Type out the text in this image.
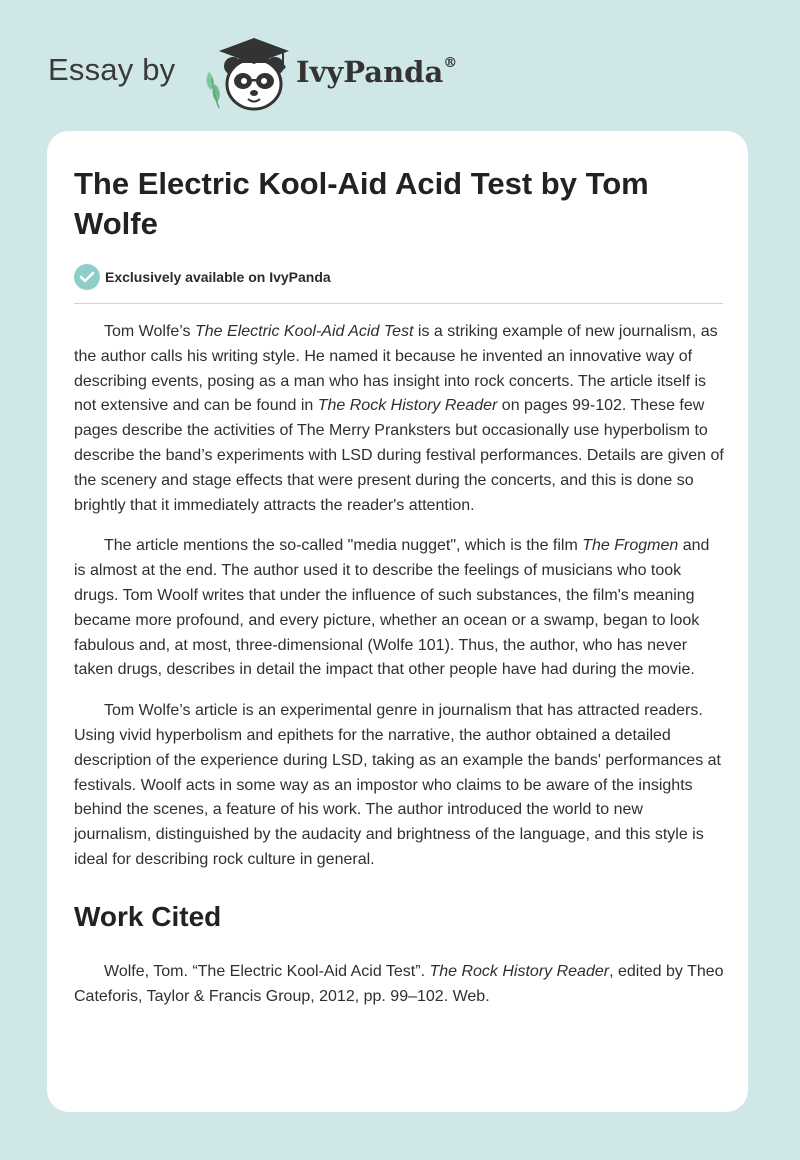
Essay by	IvyPanda®
The Electric Kool-Aid Acid Test by Tom Wolfe
Exclusively available on IvyPanda

Tom Wolfe’s The Electric Kool-Aid Acid Test is a striking example of new journalism, as the author calls his writing style. He named it because he invented an innovative way of describing events, posing as a man who has insight into rock concerts. The article itself is not extensive and can be found in The Rock History Reader on pages 99-102. These few pages describe the activities of The Merry Pranksters but occasionally use hyperbolism to describe the band’s experiments with LSD during festival performances. Details are given of the scenery and stage effects that were present during the concerts, and this is done so brightly that it immediately attracts the reader's attention.

The article mentions the so-called "media nugget", which is the film The Frogmen and is almost at the end. The author used it to describe the feelings of musicians who took drugs. Tom Woolf writes that under the influence of such substances, the film's meaning became more profound, and every picture, whether an ocean or a swamp, began to look fabulous and, at most, three-dimensional (Wolfe 101). Thus, the author, who has never taken drugs, describes in detail the impact that other people have had during the movie.

Tom Wolfe’s article is an experimental genre in journalism that has attracted readers. Using vivid hyperbolism and epithets for the narrative, the author obtained a detailed description of the experience during LSD, taking as an example the bands' performances at festivals. Woolf acts in some way as an impostor who claims to be aware of the insights behind the scenes, a feature of his work. The author introduced the world to new journalism, distinguished by the audacity and brightness of the language, and this style is ideal for describing rock culture in general.

Work Cited

Wolfe, Tom. “The Electric Kool-Aid Acid Test”. The Rock History Reader, edited by Theo Cateforis, Taylor & Francis Group, 2012, pp. 99–102. Web.
